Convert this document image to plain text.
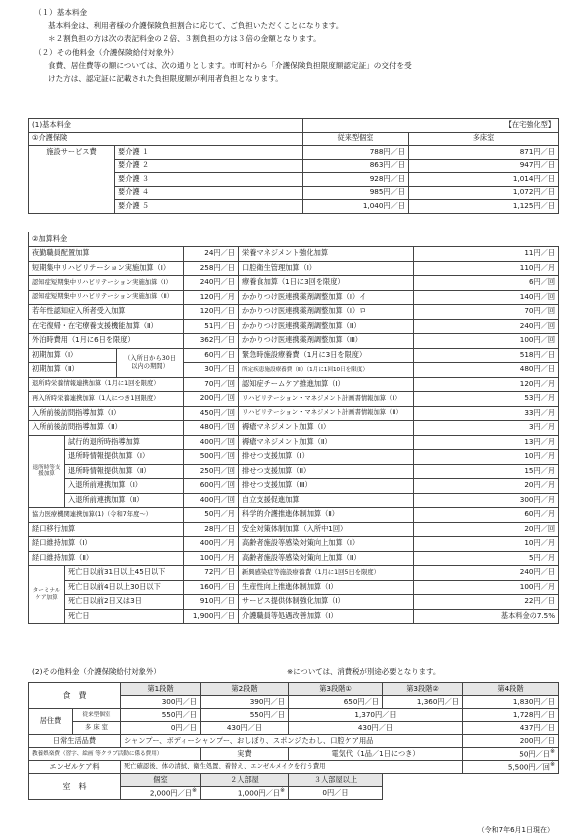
（１）基本料金
基本料金は、利用者様の介護保険負担割合に応じて、ご負担いただくことになります。
＊２割負担の方は次の表記料金の２倍、３割負担の方は３倍の金額となります。
（２）その他料金（介護保険給付対象外）
食費、居住費等の額については、次の通りとします。市町村から「介護保険負担限度額認定証」の交付を受
けた方は、認定証に記載された負担限度額が利用者負担となります。
(1)基本料金		【在宅強化型】	
①介護保険		従来型個室	多床室
施設サービス費	要介護 １	788円／日	871円／日
	要介護 ２	863円／日	947円／日
	要介護 ３	928円／日	1,014円／日
	要介護 ４	985円／日	1,072円／日
	要介護 ５	1,040円／日	1,125円／日
②加算料金					
夜勤職員配置加算			24円／日	栄養マネジメント強化加算	11円／日
短期集中リハビリテーション実施加算（Ⅰ）			258円／日	口腔衛生管理加算（Ⅰ）	110円／月
認知症短期集中リハビリテーション実施加算（Ⅰ）			240円／日	療養食加算（1日に3回を限度）	6円／回
認知症短期集中リハビリテーション実施加算（Ⅱ）			120円／月	かかりつけ医連携薬剤調整加算（Ⅰ）イ	140円／回
若年性認知症入所者受入加算			120円／日	かかりつけ医連携薬剤調整加算（Ⅰ）ロ	70円／回
在宅復帰・在宅療養支援機能加算（Ⅱ）			51円／日	かかりつけ医連携薬剤調整加算（Ⅱ）	240円／回
外泊時費用（1月に6日を限度）			362円／日	かかりつけ医連携薬剤調整加算（Ⅲ）	100円／回
初期加算（Ⅰ）		（入所日から30日
以内の期間）	60円／日	緊急時施設療養費（1月に3日を限度）	518円／日
初期加算（Ⅱ）			30円／日	所定疾患施設療養費（Ⅱ）（1月に1回10日を限度）	480円／日
退所時栄養情報連携加算（1月に1回を限度）			70円／回	認知症チームケア推進加算（Ⅰ）	120円／月
再入所時栄養連携加算（1人につき1回限度）			200円／回	リハビリテーション・マネジメント計画書情報加算（Ⅰ）	53円／月
入所前後訪問指導加算（Ⅰ）			450円／回	リハビリテーション・マネジメント計画書情報加算（Ⅱ）	33円／月
入所前後訪問指導加算（Ⅱ）			480円／回	褥瘡マネジメント加算（Ⅰ）	3円／月
退所時等支援加算	試行的退所時指導加算		400円／回	褥瘡マネジメント加算（Ⅱ）	13円／月
	退所時情報提供加算（Ⅰ）		500円／回	排せつ支援加算（Ⅰ）	10円／月
	退所時情報提供加算（Ⅱ）		250円／回	排せつ支援加算（Ⅱ）	15円／月
	入退所前連携加算（Ⅰ）		600円／回	排せつ支援加算（Ⅲ）	20円／月
	入退所前連携加算（Ⅱ）		400円／回	自立支援促進加算	300円／月
協力医療機関連携加算(1)（令和7年度～）			50円／月	科学的介護推進体制加算（Ⅱ）	60円／月
経口移行加算			28円／日	安全対策体制加算（入所中1回）	20円／回
経口維持加算（Ⅰ）			400円／月	高齢者施設等感染対策向上加算（Ⅰ）	10円／月
経口維持加算（Ⅱ）			100円／月	高齢者施設等感染対策向上加算（Ⅱ）	5円／月
ターミナルケア加算	死亡日以前31日以上45日以下		72円／日	新興感染症等施設療養費（1月に1回5日を限度）	240円／日
	死亡日以前4日以上30日以下		160円／日	生産性向上推進体制加算（Ⅰ）	100円／月
	死亡日以前2日又は3日		910円／日	サービス提供体制強化加算（Ⅰ）	22円／日
	死亡日		1,900円／日	介護職員等処遇改善加算（Ⅰ）	基本料金の7.5%
(2)その他料金（介護保険給付対象外）	※については、消費税が別途必要となります。
食　費		第1段階	第2段階	第3段階①	第3段階②	第4段階
		300円／日	390円／日	650円／日	1,360円／日	1,830円／日
居住費	従来型個室	550円／日	550円／日	1,370円／日		1,728円／日
	多 床 室	0円／日	430円／日	430円／日		437円／日
日常生活品費		シャンプー、ボディーシャンプー、おしぼり、スポンジたわし、口腔ケア用品				200円／日
教養娯楽費（習字、絵画 等クラブ活動に係る費用）			実費	電気代（1品／1日につき）		50円／日※
エンゼルケア料		死亡確認後、体の清拭、衛生処置、着替え、エンゼルメイクを行う費用				5,500円／回※
室　料		個室	２人部屋	３人部屋以上		
		2,000円／日※	1,000円／日※	0円／日		
（令和7年6月1日現在）
